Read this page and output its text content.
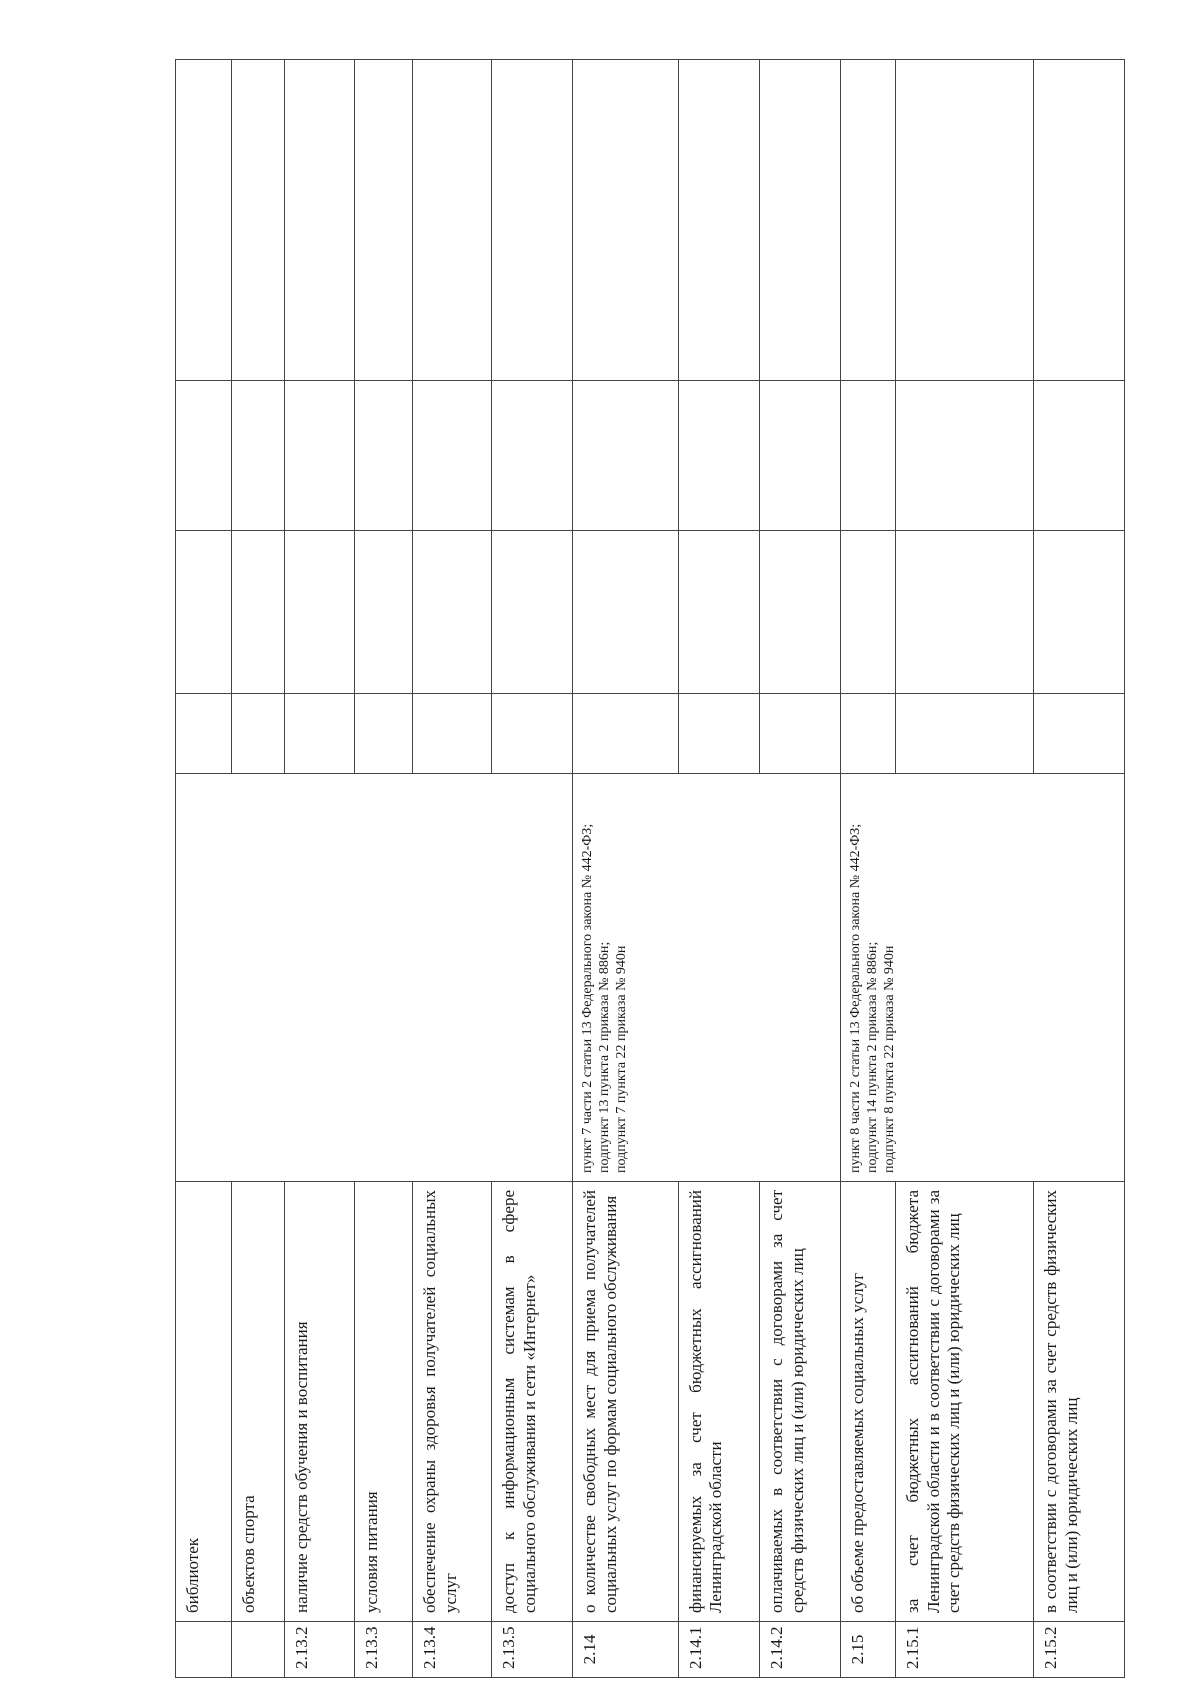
	библиотек					
	объектов спорта					
2.13.2	наличие средств обучения и воспитания					
2.13.3	условия питания					
2.13.4	обеспечение охраны здоровья получателей социальных услуг					
2.13.5	доступ к информационным системам в сфере социального обслуживания и сети «Интернет»					
2.14	о количестве свободных мест для приема получателей социальных услуг по формам социального обслуживания	пункт 7 части 2 статьи 13 Федерального закона № 442-ФЗ; подпункт 13 пункта 2 приказа № 886н; подпункт 7 пункта 22 приказа № 940н				

2.14.1	финансируемых за счет бюджетных ассигнований Ленинградской области					
2.14.2	оплачиваемых в соответствии с договорами за счет средств физических лиц и (или) юридических лиц					
2.15	об объеме предоставляемых социальных услуг	пункт 8 части 2 статьи 13 Федерального закона № 442-ФЗ; подпункт 14 пункта 2 приказа № 886н; подпункт 8 пункта 22 приказа № 940н				

2.15.1	за счет бюджетных ассигнований бюджета Ленинградской области и в соответствии с договорами за счет средств физических лиц и (или) юридических лиц					
2.15.2	в соответствии с договорами за счет средств физических лиц и (или) юридических лиц					
